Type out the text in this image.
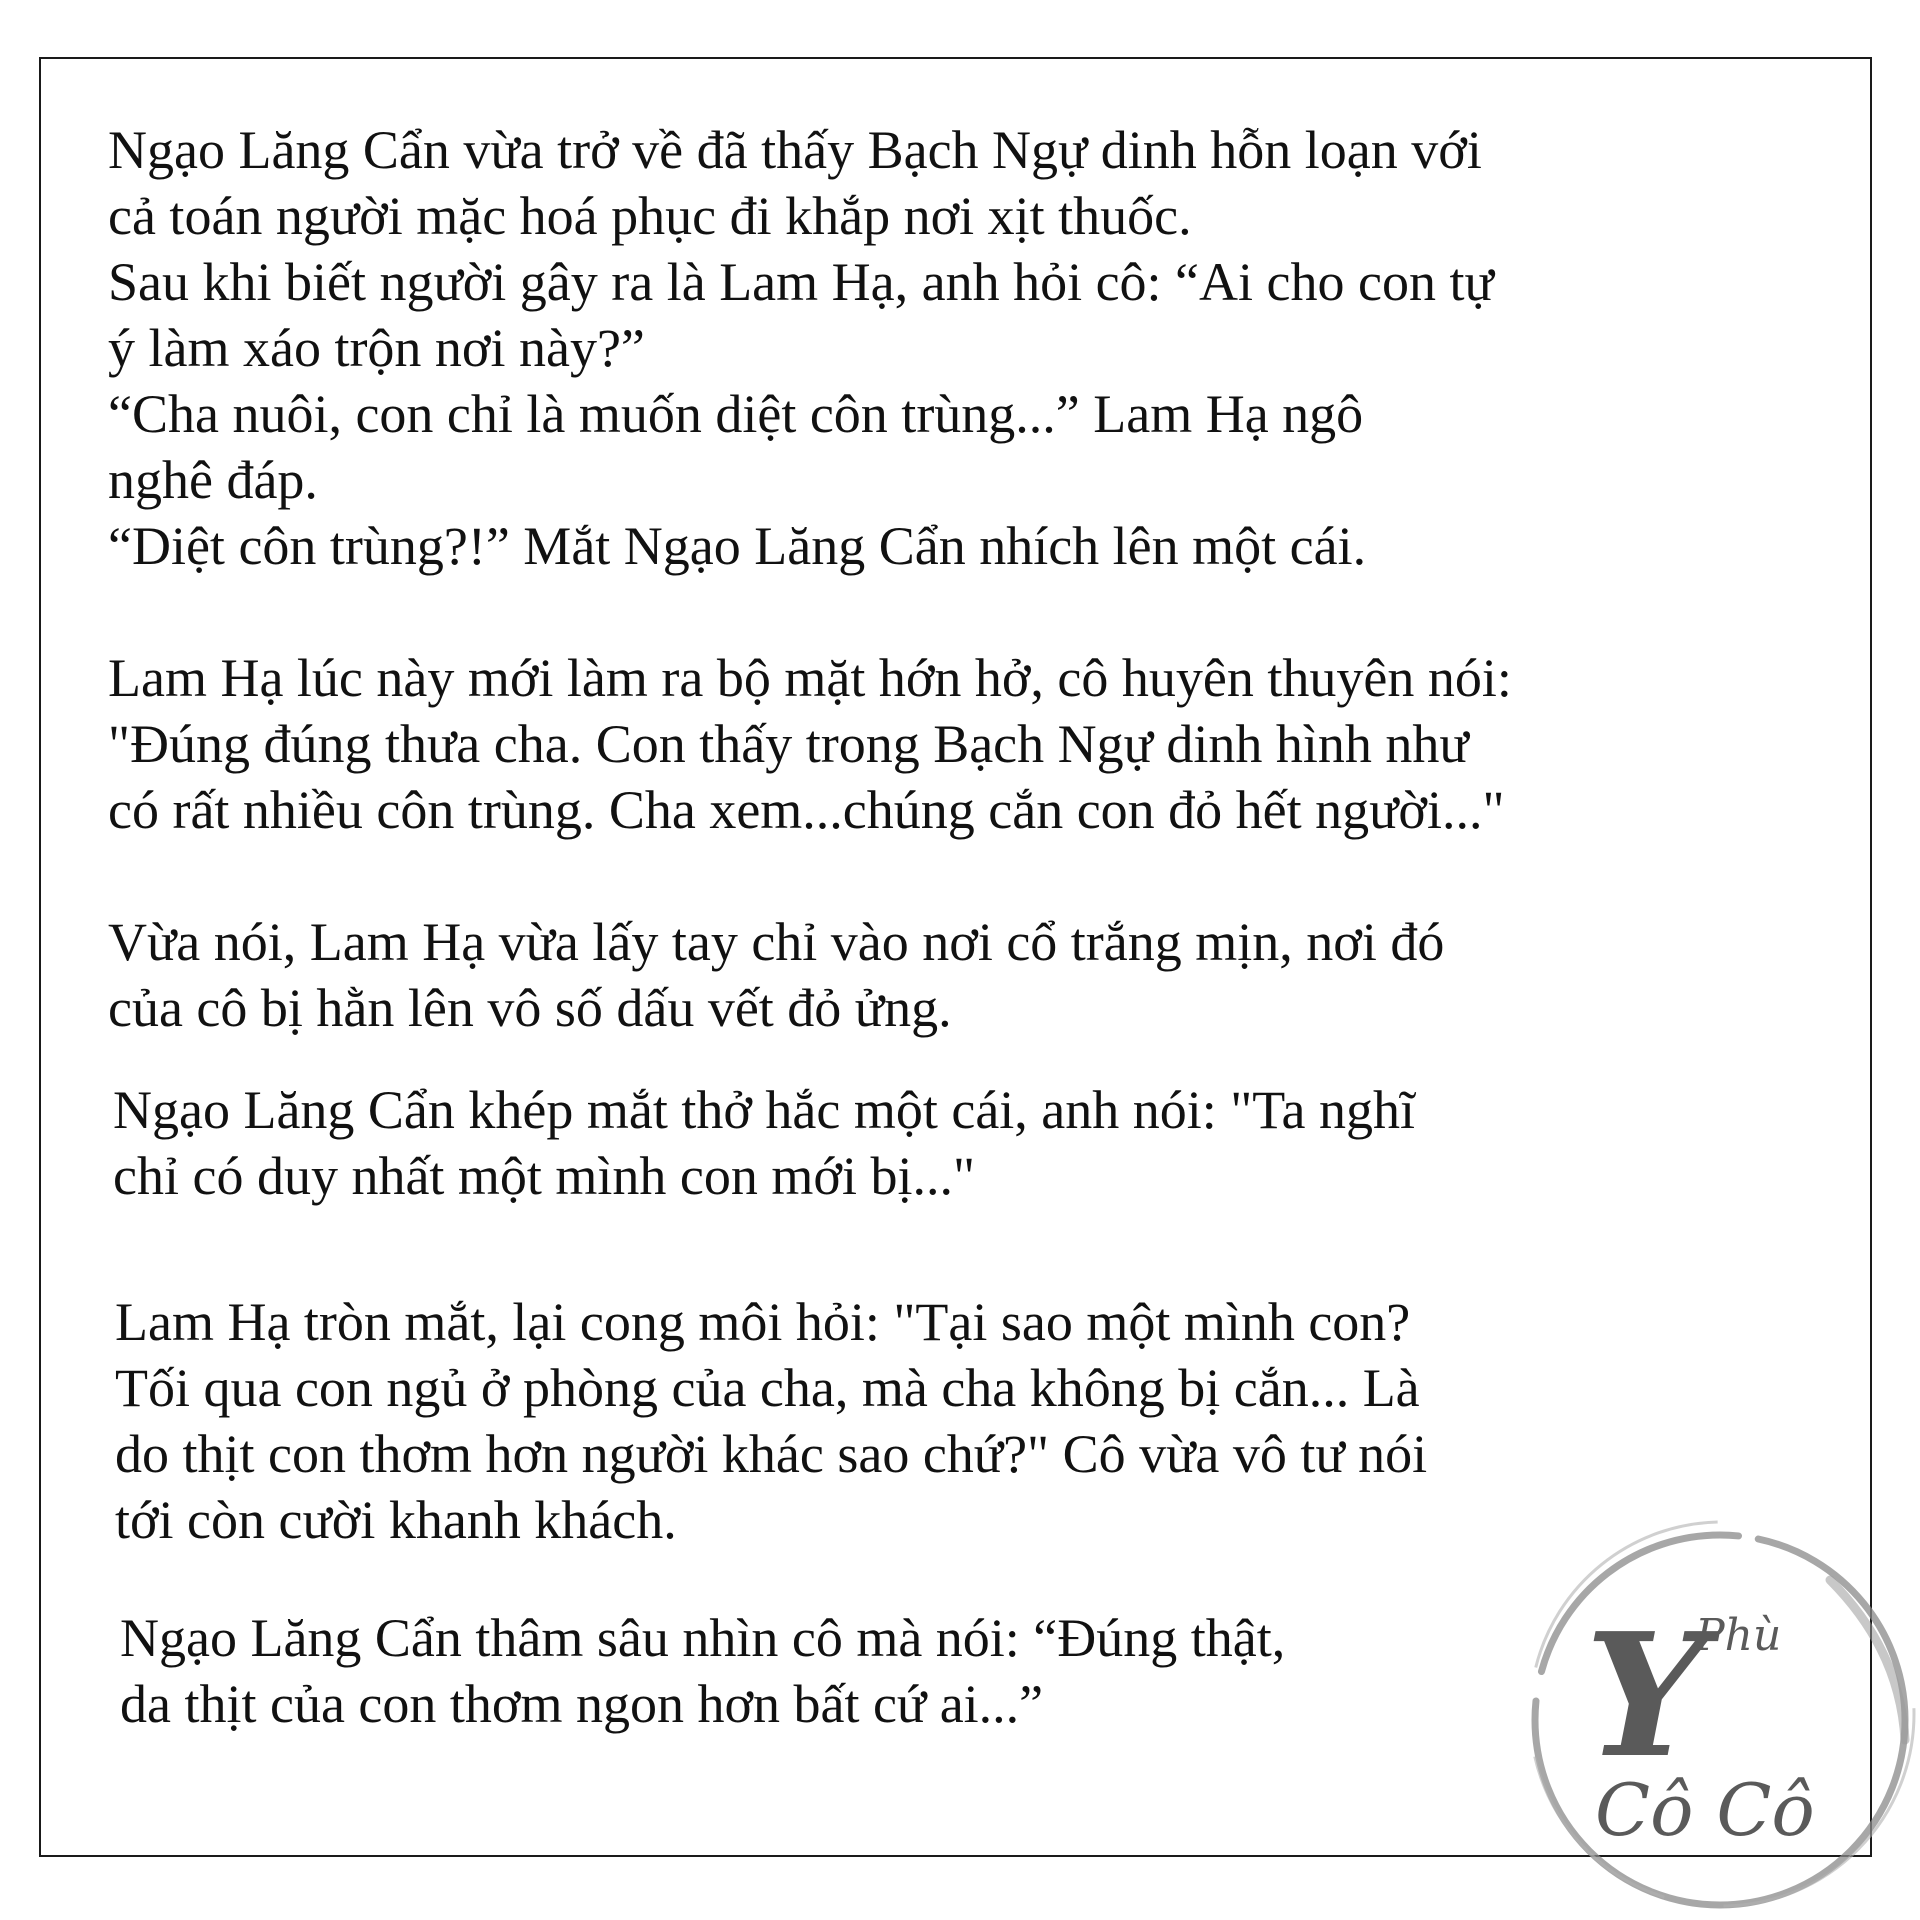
Ngạo Lăng Cẩn vừa trở về đã thấy Bạch Ngự dinh hỗn loạn với

cả toán người mặc hoá phục đi khắp nơi xịt thuốc.

Sau khi biết người gây ra là Lam Hạ, anh hỏi cô: “Ai cho con tự

ý làm xáo trộn nơi này?”

“Cha nuôi, con chỉ là muốn diệt côn trùng...” Lam Hạ ngô

nghê đáp.

“Diệt côn trùng?!” Mắt Ngạo Lăng Cẩn nhích lên một cái.

Lam Hạ lúc này mới làm ra bộ mặt hớn hở, cô huyên thuyên nói:

"Đúng đúng thưa cha. Con thấy trong Bạch Ngự dinh hình như

có rất nhiều côn trùng. Cha xem...chúng cắn con đỏ hết người..."

Vừa nói, Lam Hạ vừa lấy tay chỉ vào nơi cổ trắng mịn, nơi đó

của cô bị hằn lên vô số dấu vết đỏ ửng.

Ngạo Lăng Cẩn khép mắt thở hắc một cái, anh nói: "Ta nghĩ

chỉ có duy nhất một mình con mới bị..."

Lam Hạ tròn mắt, lại cong môi hỏi: "Tại sao một mình con?

Tối qua con ngủ ở phòng của cha, mà cha không bị cắn... Là

do thịt con thơm hơn người khác sao chứ?" Cô vừa vô tư nói

tới còn cười khanh khách.

Ngạo Lăng Cẩn thâm sâu nhìn cô mà nói: “Đúng thật,

da thịt của con thơm ngon hơn bất cứ ai...”	Y
Phù
Cô Cô
